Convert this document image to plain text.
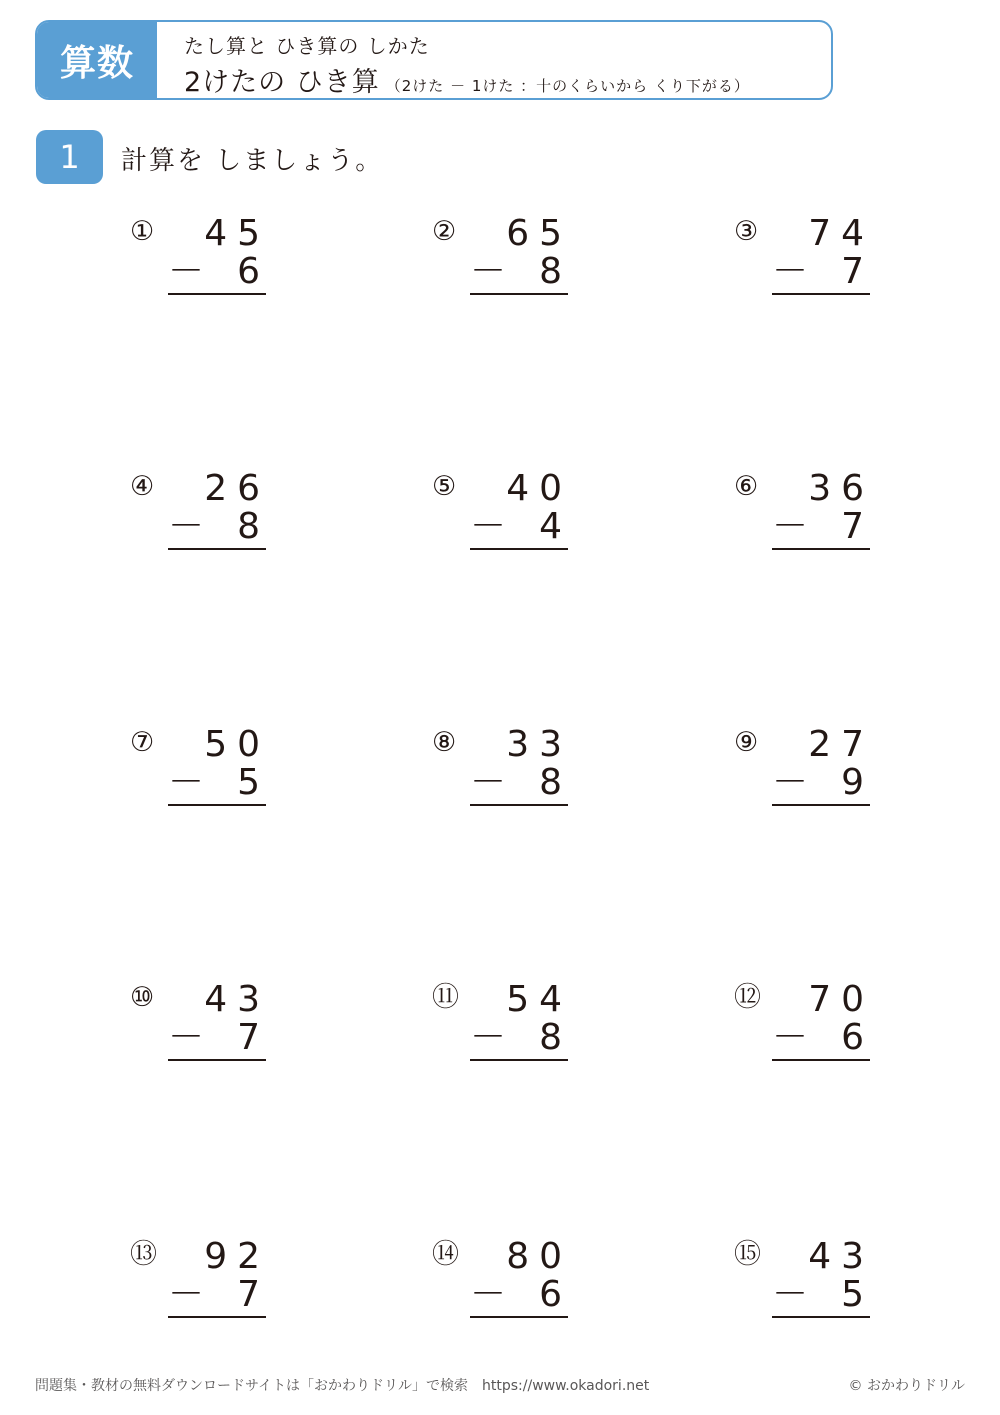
算数	たし算と ひき算の しかた
2けたの ひき算 （2けた － 1けた ：十のくらいから くり下がる）
1	計算を しましょう。
①	45
－ 6
②	65
－ 8
③	74
－ 7
④	26
－ 8
⑤	40
－ 4
⑥	36
－ 7
⑦	50
－ 5
⑧	33
－ 8
⑨	27
－ 9
⑩	43
－ 7
⑪	54
－ 8
⑫	70
－ 6
⑬	92
－ 7
⑭	80
－ 6
⑮	43
－ 5
問題集・教材の無料ダウンロードサイトは「おかわりドリル」で検索　https://www.okadori.net	© おかわりドリル
